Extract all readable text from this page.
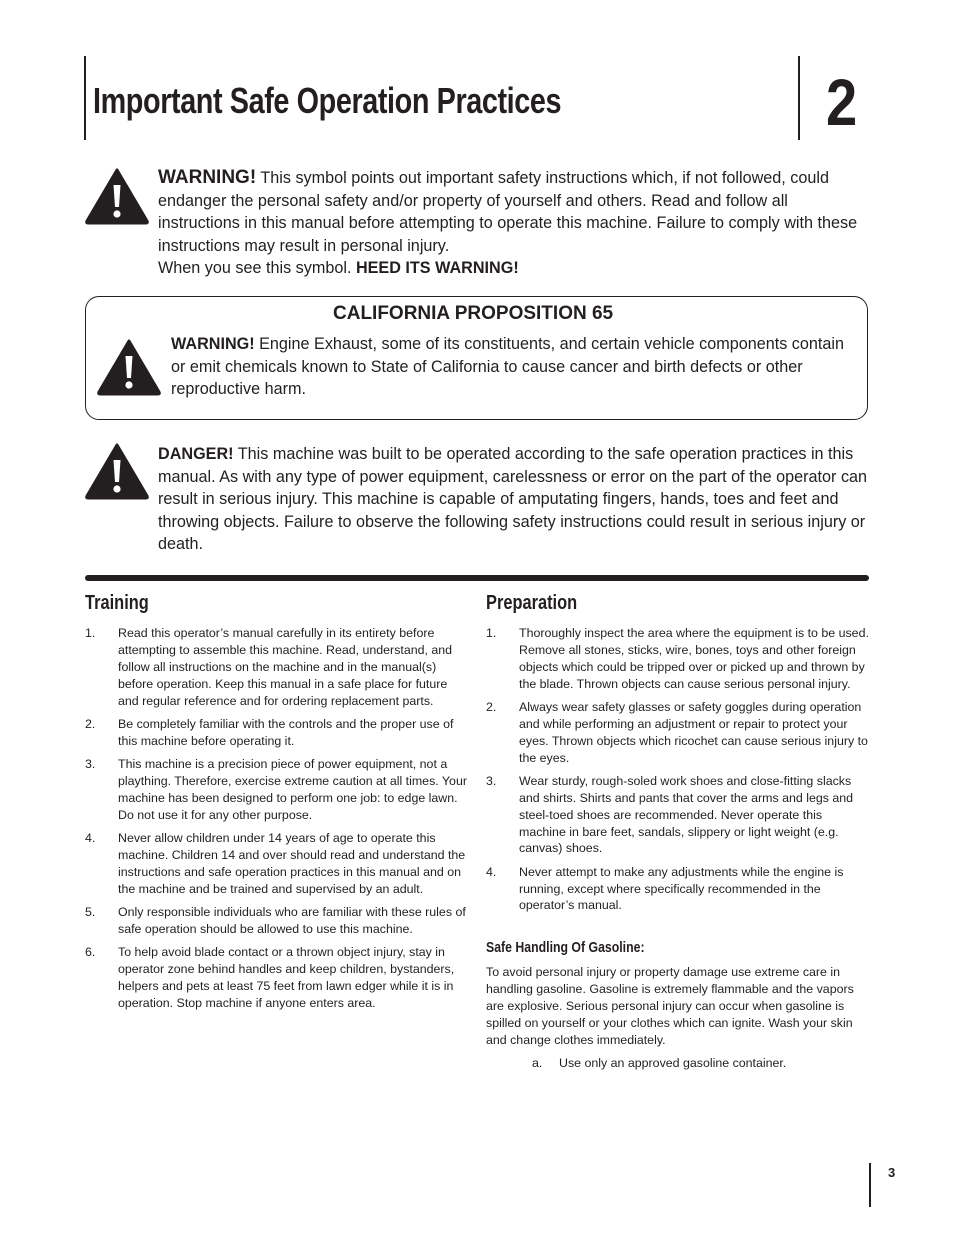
Important Safe Operation Practices	2
WARNING! This symbol points out important safety instructions which, if not followed, could endanger the personal safety and/or property of yourself and others. Read and follow all instructions in this manual before attempting to operate this machine. Failure to comply with these instructions may result in personal injury.
When you see this symbol. HEED ITS WARNING!
CALIFORNIA PROPOSITION 65
WARNING! Engine Exhaust, some of its constituents, and certain vehicle components contain or emit chemicals known to State of California to cause cancer and birth defects or other reproductive harm.
DANGER! This machine was built to be operated according to the safe operation practices in this manual. As with any type of power equipment, carelessness or error on the part of the operator can result in serious injury. This machine is capable of amputating fingers, hands, toes and feet and throwing objects. Failure to observe the following safety instructions could result in serious injury or death.
Training
1. Read this operator’s manual carefully in its entirety before attempting to assemble this machine. Read, understand, and follow all instructions on the machine and in the manual(s) before operation. Keep this manual in a safe place for future and regular reference and for ordering replacement parts.
2. Be completely familiar with the controls and the proper use of this machine before operating it.
3. This machine is a precision piece of power equipment, not a plaything. Therefore, exercise extreme caution at all times. Your machine has been designed to perform one job: to edge lawn. Do not use it for any other purpose.
4. Never allow children under 14 years of age to operate this machine. Children 14 and over should read and understand the instructions and safe operation practices in this manual and on the machine and be trained and supervised by an adult.
5. Only responsible individuals who are familiar with these rules of safe operation should be allowed to use this machine.
6. To help avoid blade contact or a thrown object injury, stay in operator zone behind handles and keep children, bystanders, helpers and pets at least 75 feet from lawn edger while it is in operation. Stop machine if anyone enters area.
Preparation
1. Thoroughly inspect the area where the equipment is to be used. Remove all stones, sticks, wire, bones, toys and other foreign objects which could be tripped over or picked up and thrown by the blade. Thrown objects can cause serious personal injury.
2. Always wear safety glasses or safety goggles during operation and while performing an adjustment or repair to protect your eyes. Thrown objects which ricochet can cause serious injury to the eyes.
3. Wear sturdy, rough-soled work shoes and close-fitting slacks and shirts. Shirts and pants that cover the arms and legs and steel-toed shoes are recommended. Never operate this machine in bare feet, sandals, slippery or light weight (e.g. canvas) shoes.
4. Never attempt to make any adjustments while the engine is running, except where specifically recommended in the operator’s manual.
Safe Handling Of Gasoline:
To avoid personal injury or property damage use extreme care in handling gasoline. Gasoline is extremely flammable and the vapors are explosive. Serious personal injury can occur when gasoline is spilled on yourself or your clothes which can ignite. Wash your skin and change clothes immediately.
a. Use only an approved gasoline container.
3
